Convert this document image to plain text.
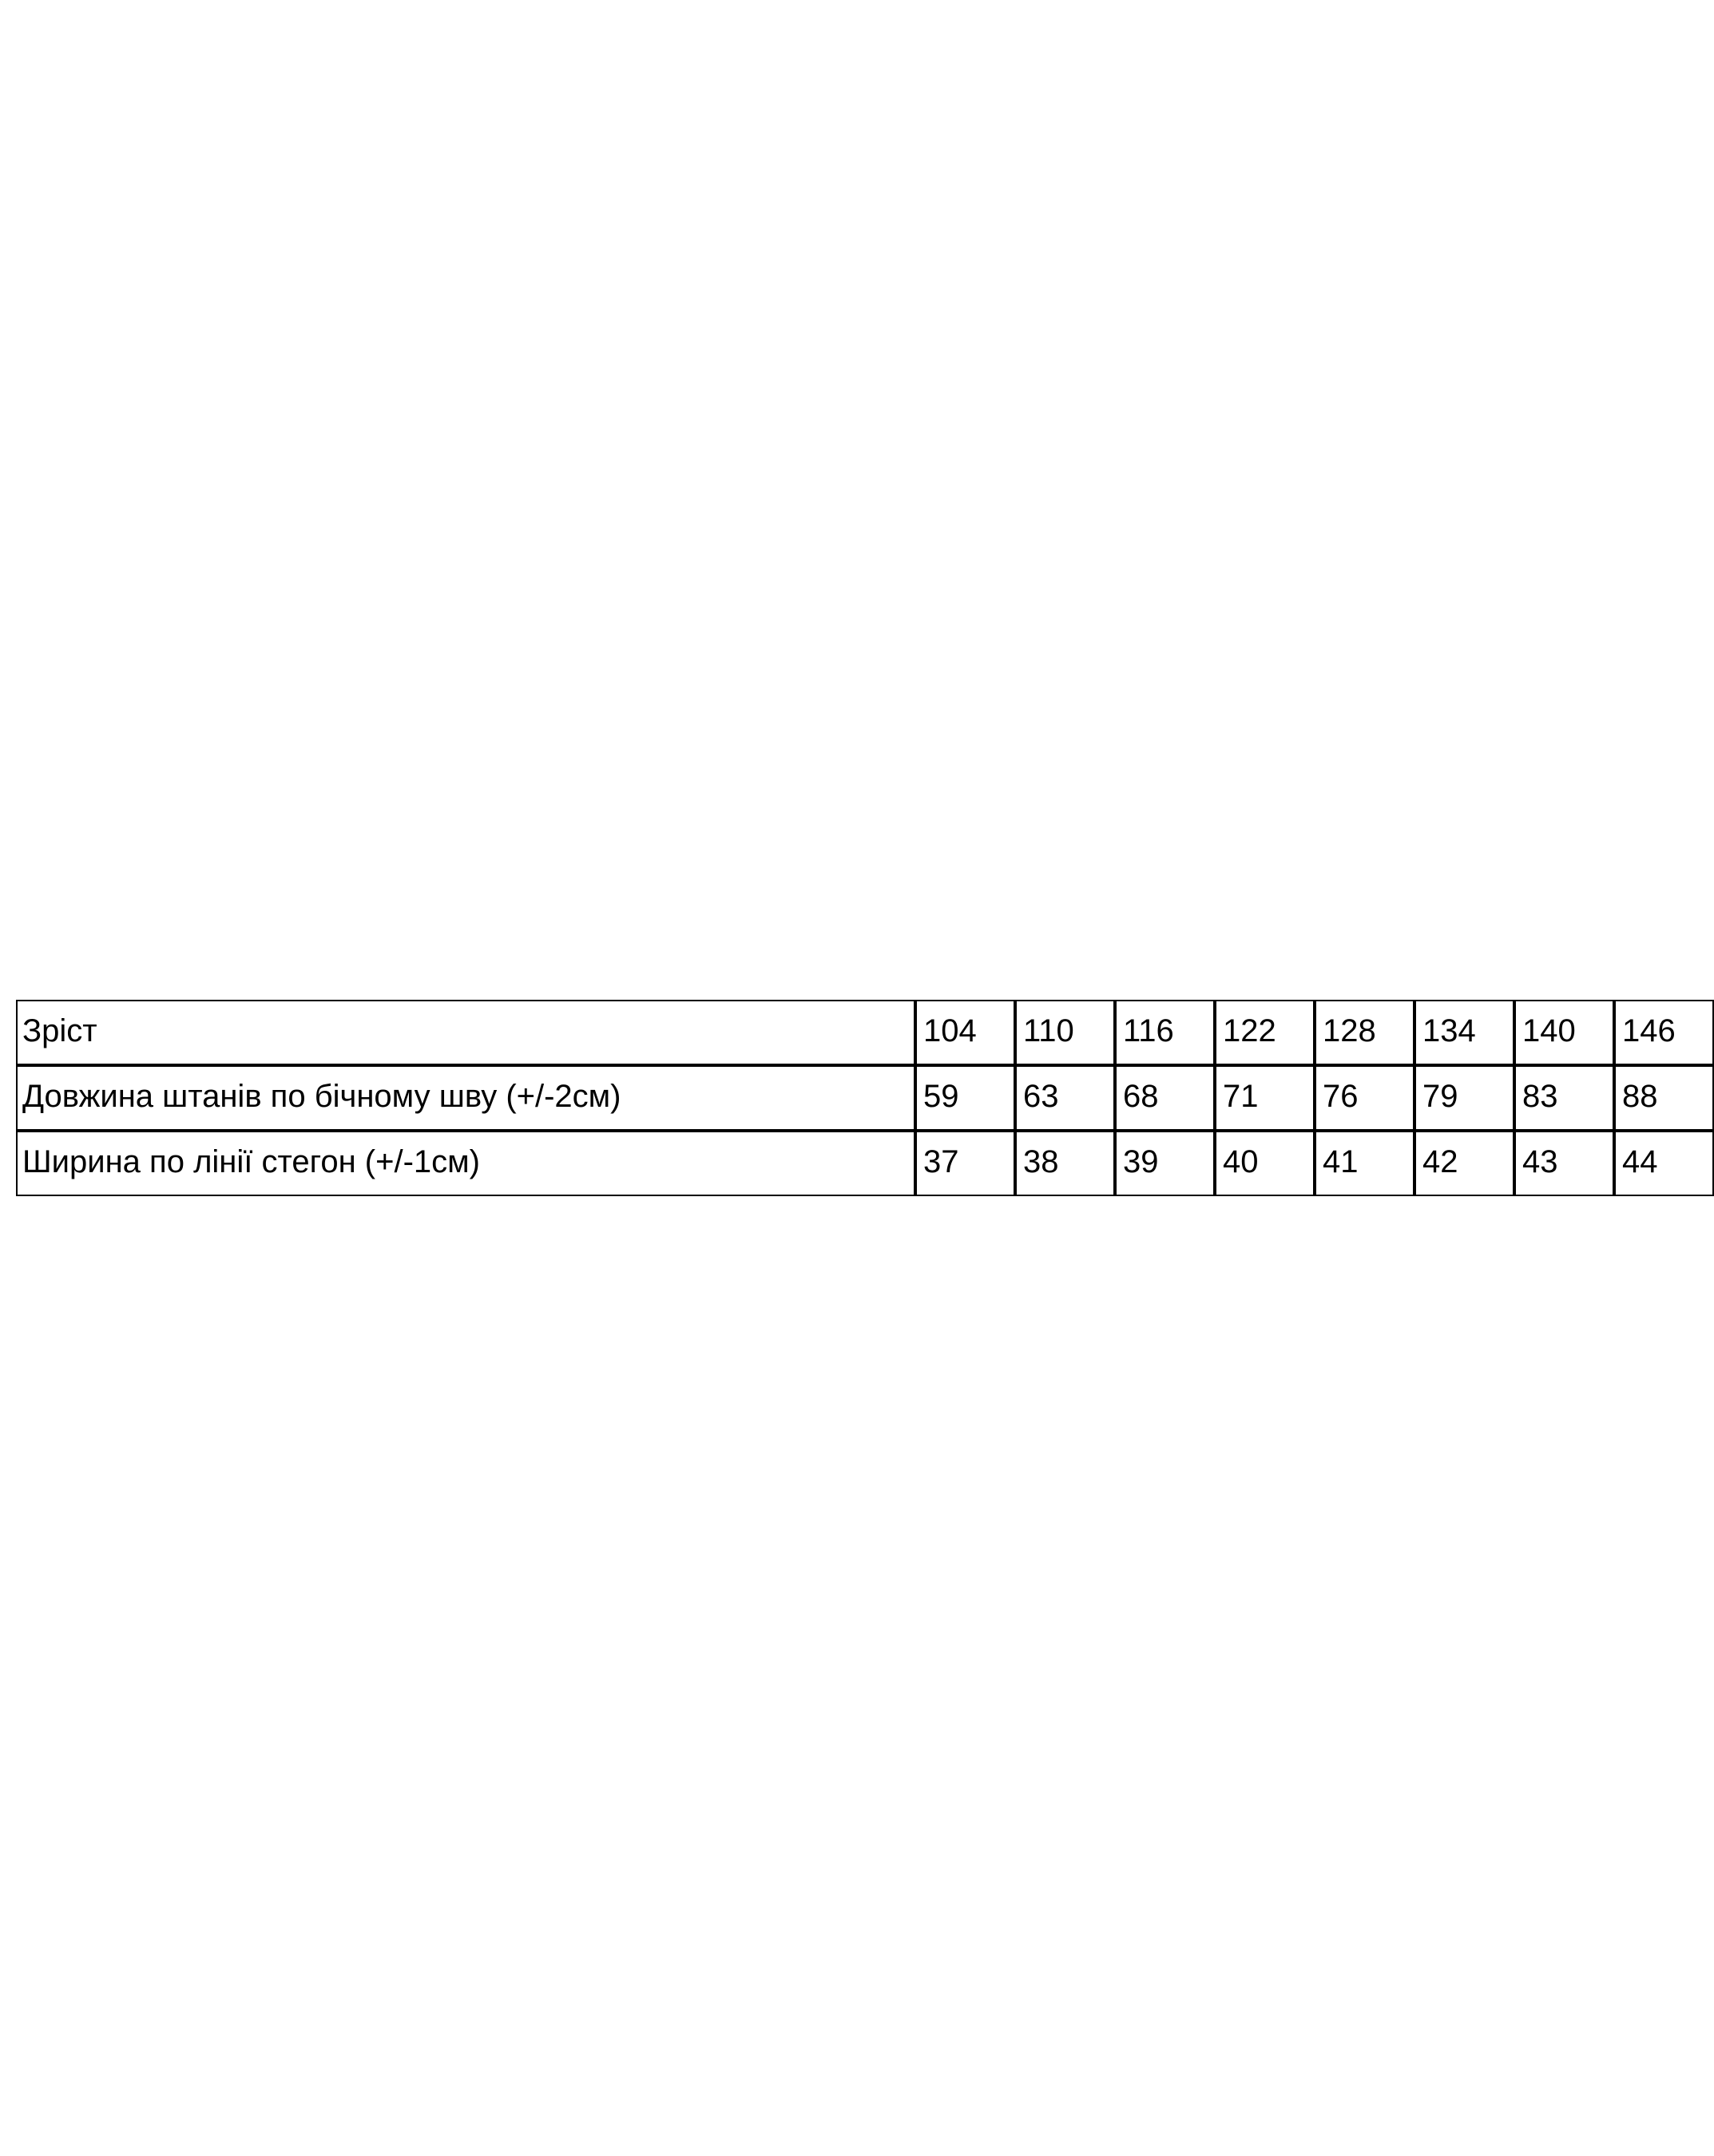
Зріст	104	110	116	122	128	134	140	146
Довжина штанів по бічному шву (+/-2см)	59	63	68	71	76	79	83	88
Ширина по лінії стегон (+/-1см)	37	38	39	40	41	42	43	44
